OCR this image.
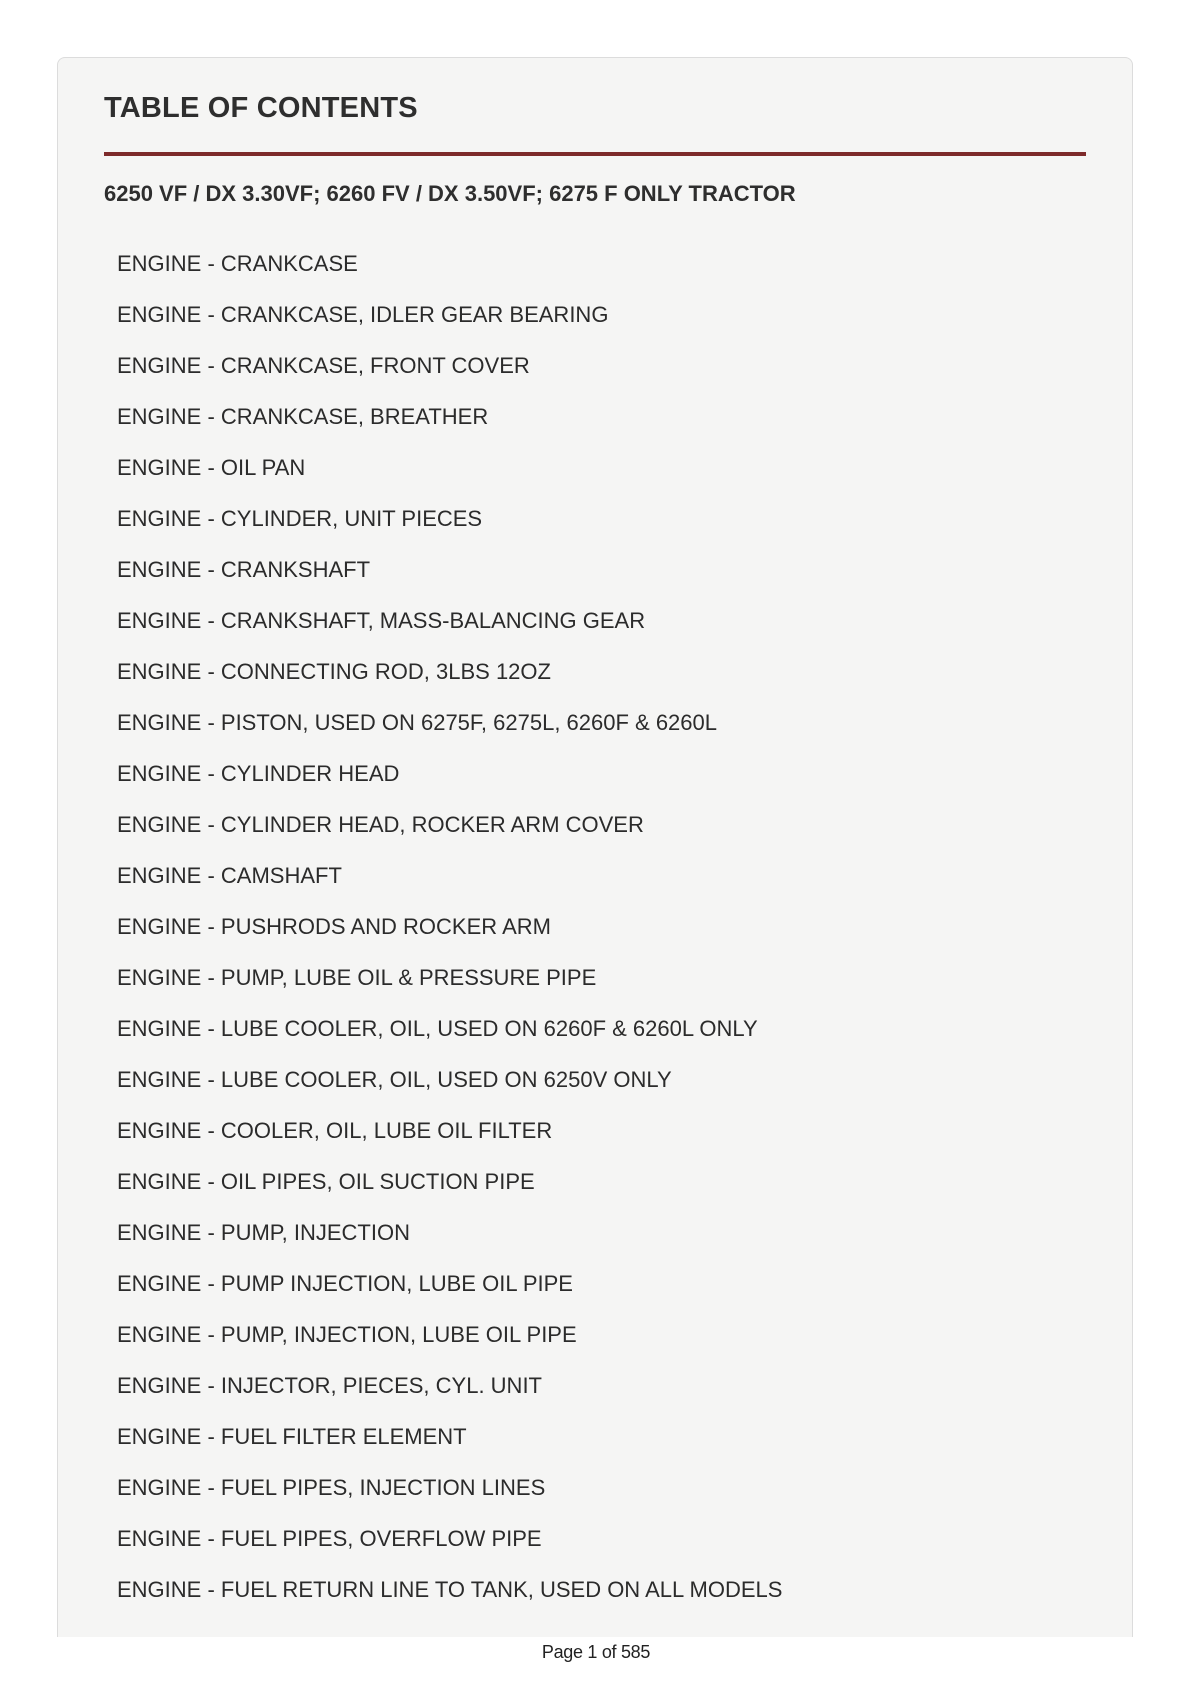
TABLE OF CONTENTS
6250 VF / DX 3.30VF; 6260 FV / DX 3.50VF; 6275 F ONLY TRACTOR
ENGINE - CRANKCASE
ENGINE - CRANKCASE, IDLER GEAR BEARING
ENGINE - CRANKCASE, FRONT COVER
ENGINE - CRANKCASE, BREATHER
ENGINE - OIL PAN
ENGINE - CYLINDER, UNIT PIECES
ENGINE - CRANKSHAFT
ENGINE - CRANKSHAFT, MASS-BALANCING GEAR
ENGINE - CONNECTING ROD, 3LBS 12OZ
ENGINE - PISTON, USED ON 6275F, 6275L, 6260F & 6260L
ENGINE - CYLINDER HEAD
ENGINE - CYLINDER HEAD, ROCKER ARM COVER
ENGINE - CAMSHAFT
ENGINE - PUSHRODS AND ROCKER ARM
ENGINE - PUMP, LUBE OIL & PRESSURE PIPE
ENGINE - LUBE COOLER, OIL, USED ON 6260F & 6260L ONLY
ENGINE - LUBE COOLER, OIL, USED ON 6250V ONLY
ENGINE - COOLER, OIL, LUBE OIL FILTER
ENGINE - OIL PIPES, OIL SUCTION PIPE
ENGINE - PUMP, INJECTION
ENGINE - PUMP INJECTION, LUBE OIL PIPE
ENGINE - PUMP, INJECTION, LUBE OIL PIPE
ENGINE - INJECTOR, PIECES, CYL. UNIT
ENGINE - FUEL FILTER ELEMENT
ENGINE - FUEL PIPES, INJECTION LINES
ENGINE - FUEL PIPES, OVERFLOW PIPE
ENGINE - FUEL RETURN LINE TO TANK, USED ON ALL MODELS
Page 1 of 585
